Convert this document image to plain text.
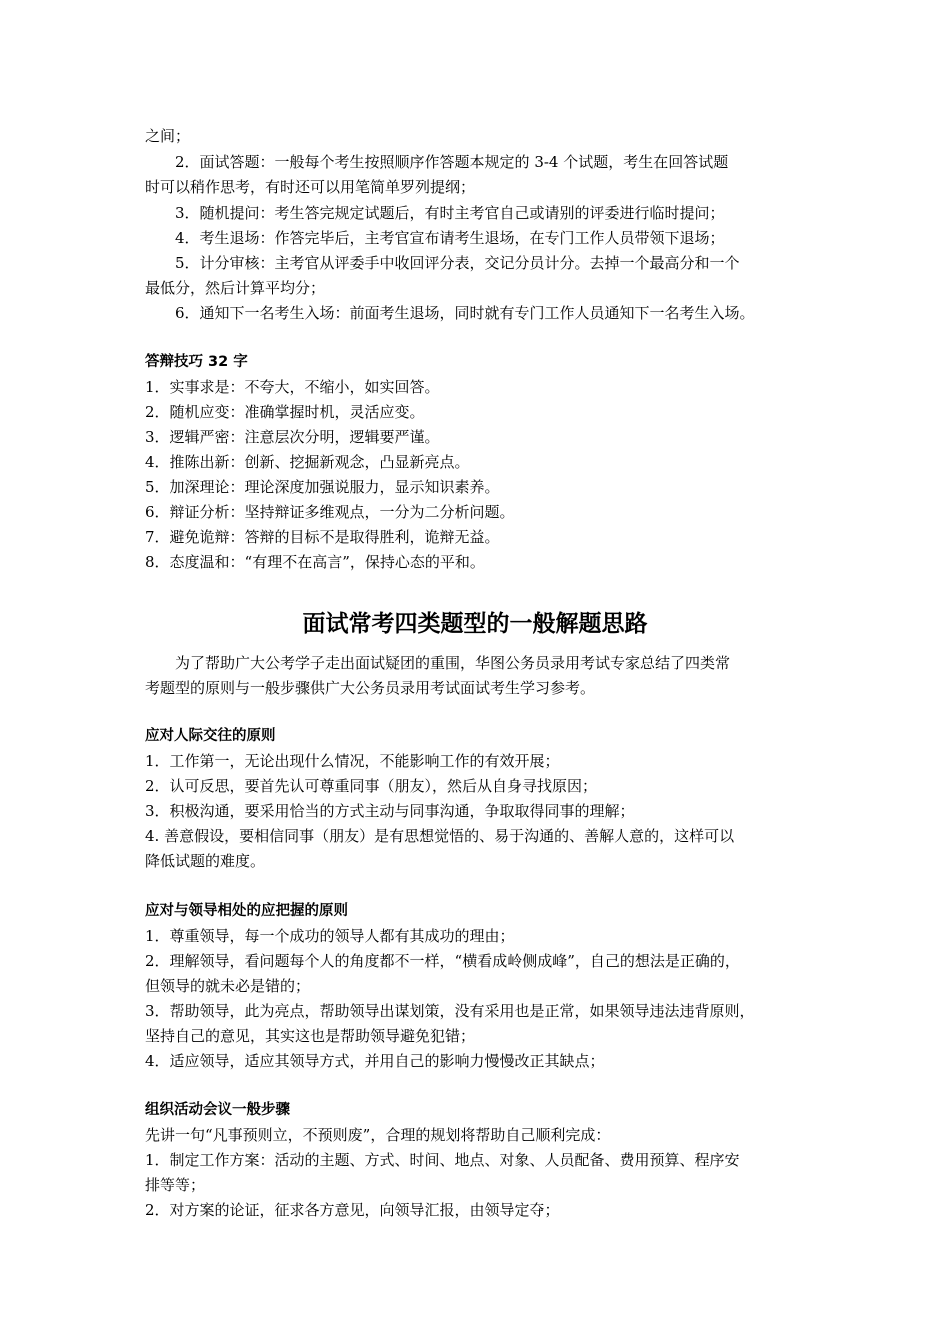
之间；
2．面试答题：一般每个考生按照顺序作答题本规定的 3-4 个试题，考生在回答试题
时可以稍作思考，有时还可以用笔简单罗列提纲；
3．随机提问：考生答完规定试题后，有时主考官自己或请别的评委进行临时提问；
4．考生退场：作答完毕后，主考官宣布请考生退场，在专门工作人员带领下退场；
5．计分审核：主考官从评委手中收回评分表，交记分员计分。去掉一个最高分和一个
最低分，然后计算平均分；
6．通知下一名考生入场：前面考生退场，同时就有专门工作人员通知下一名考生入场。
答辩技巧 32 字
1．实事求是：不夸大，不缩小，如实回答。
2．随机应变：准确掌握时机，灵活应变。
3．逻辑严密：注意层次分明，逻辑要严谨。
4．推陈出新：创新、挖掘新观念，凸显新亮点。
5．加深理论：理论深度加强说服力，显示知识素养。
6．辩证分析：坚持辩证多维观点，一分为二分析问题。
7．避免诡辩：答辩的目标不是取得胜利，诡辩无益。
8．态度温和：“有理不在高言”，保持心态的平和。
面试常考四类题型的一般解题思路
为了帮助广大公考学子走出面试疑团的重围，华图公务员录用考试专家总结了四类常
考题型的原则与一般步骤供广大公务员录用考试面试考生学习参考。
应对人际交往的原则
1．工作第一，无论出现什么情况，不能影响工作的有效开展；
2．认可反思，要首先认可尊重同事（朋友），然后从自身寻找原因；
3．积极沟通，要采用恰当的方式主动与同事沟通，争取取得同事的理解；
4. 善意假设，要相信同事（朋友）是有思想觉悟的、易于沟通的、善解人意的，这样可以
降低试题的难度。
应对与领导相处的应把握的原则
1．尊重领导，每一个成功的领导人都有其成功的理由；
2．理解领导，看问题每个人的角度都不一样，“横看成岭侧成峰”，自己的想法是正确的，
但领导的就未必是错的；
3．帮助领导，此为亮点，帮助领导出谋划策，没有采用也是正常，如果领导违法违背原则，
坚持自己的意见，其实这也是帮助领导避免犯错；
4．适应领导，适应其领导方式，并用自己的影响力慢慢改正其缺点；
组织活动会议一般步骤
先讲一句“凡事预则立，不预则废”，合理的规划将帮助自己顺利完成：
1．制定工作方案：活动的主题、方式、时间、地点、对象、人员配备、费用预算、程序安
排等等；
2．对方案的论证，征求各方意见，向领导汇报，由领导定夺；
